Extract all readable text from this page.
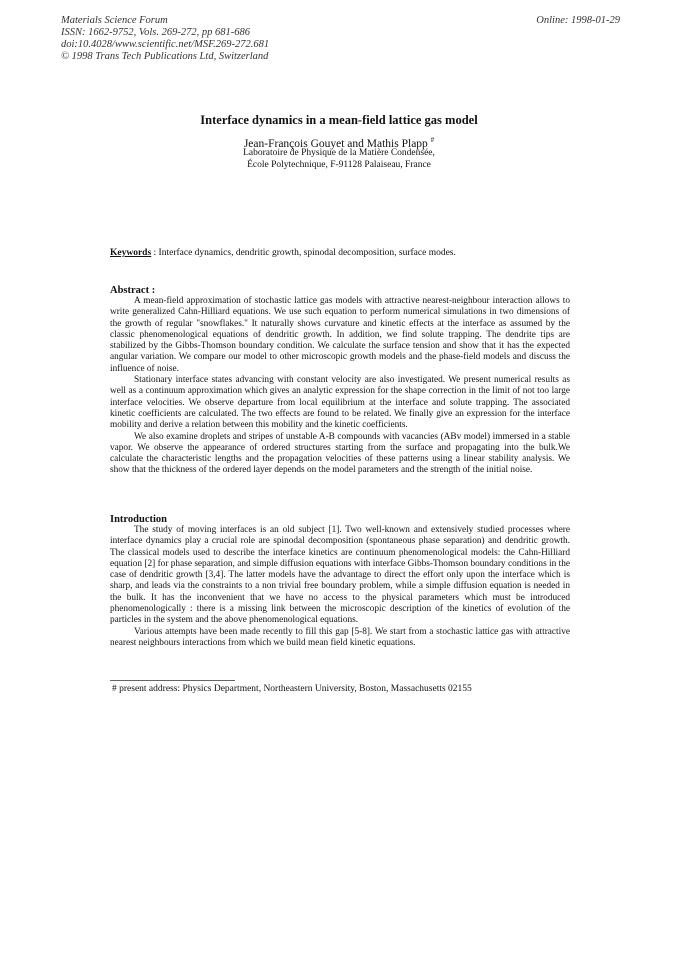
Materials Science Forum
ISSN: 1662-9752, Vols. 269-272, pp 681-686
doi:10.4028/www.scientific.net/MSF.269-272.681
© 1998 Trans Tech Publications Ltd, Switzerland
Online: 1998-01-29
Interface dynamics in a mean-field lattice gas model
Jean-François Gouyet and Mathis Plapp #
Laboratoire de Physique de la Matière Condensée,
École Polytechnique, F-91128 Palaiseau, France
Keywords : Interface dynamics, dendritic growth, spinodal decomposition, surface modes.
Abstract :

A mean-field approximation of stochastic lattice gas models with attractive nearest-neighbour interaction allows to write generalized Cahn-Hilliard equations. We use such equation to perform numerical simulations in two dimensions of the growth of regular "snowflakes." It naturally shows curvature and kinetic effects at the interface as assumed by the classic phenomenological equations of dendritic growth. In addition, we find solute trapping. The dendrite tips are stabilized by the Gibbs-Thomson boundary condition. We calculate the surface tension and show that it has the expected angular variation. We compare our model to other microscopic growth models and the phase-field models and discuss the influence of noise.

Stationary interface states advancing with constant velocity are also investigated. We present numerical results as well as a continuum approximation which gives an analytic expression for the shape correction in the limit of not too large interface velocities. We observe departure from local equilibrium at the interface and solute trapping. The associated kinetic coefficients are calculated. The two effects are found to be related. We finally give an expression for the interface mobility and derive a relation between this mobility and the kinetic coefficients.

We also examine droplets and stripes of unstable A-B compounds with vacancies (ABv model) immersed in a stable vapor. We observe the appearance of ordered structures starting from the surface and propagating into the bulk.We calculate the characteristic lengths and the propagation velocities of these patterns using a linear stability analysis. We show that the thickness of the ordered layer depends on the model parameters and the strength of the initial noise.

Introduction

The study of moving interfaces is an old subject [1]. Two well-known and extensively studied processes where interface dynamics play a crucial role are spinodal decomposition (spontaneous phase separation) and dendritic growth. The classical models used to describe the interface kinetics are continuum phenomenological models: the Cahn-Hilliard equation [2] for phase separation, and simple diffusion equations with interface Gibbs-Thomson boundary conditions in the case of dendritic growth [3,4]. The latter models have the advantage to direct the effort only upon the interface which is sharp, and leads via the constraints to a non trivial free boundary problem, while a simple diffusion equation is needed in the bulk. It has the inconvenient that we have no access to the physical parameters which must be introduced phenomenologically : there is a missing link between the microscopic description of the kinetics of evolution of the particles in the system and the above phenomenological equations.

Various attempts have been made recently to fill this gap [5-8]. We start from a stochastic lattice gas with attractive nearest neighbours interactions from which we build mean field kinetic equations.

# present address: Physics Department, Northeastern University, Boston, Massachusetts 02155
